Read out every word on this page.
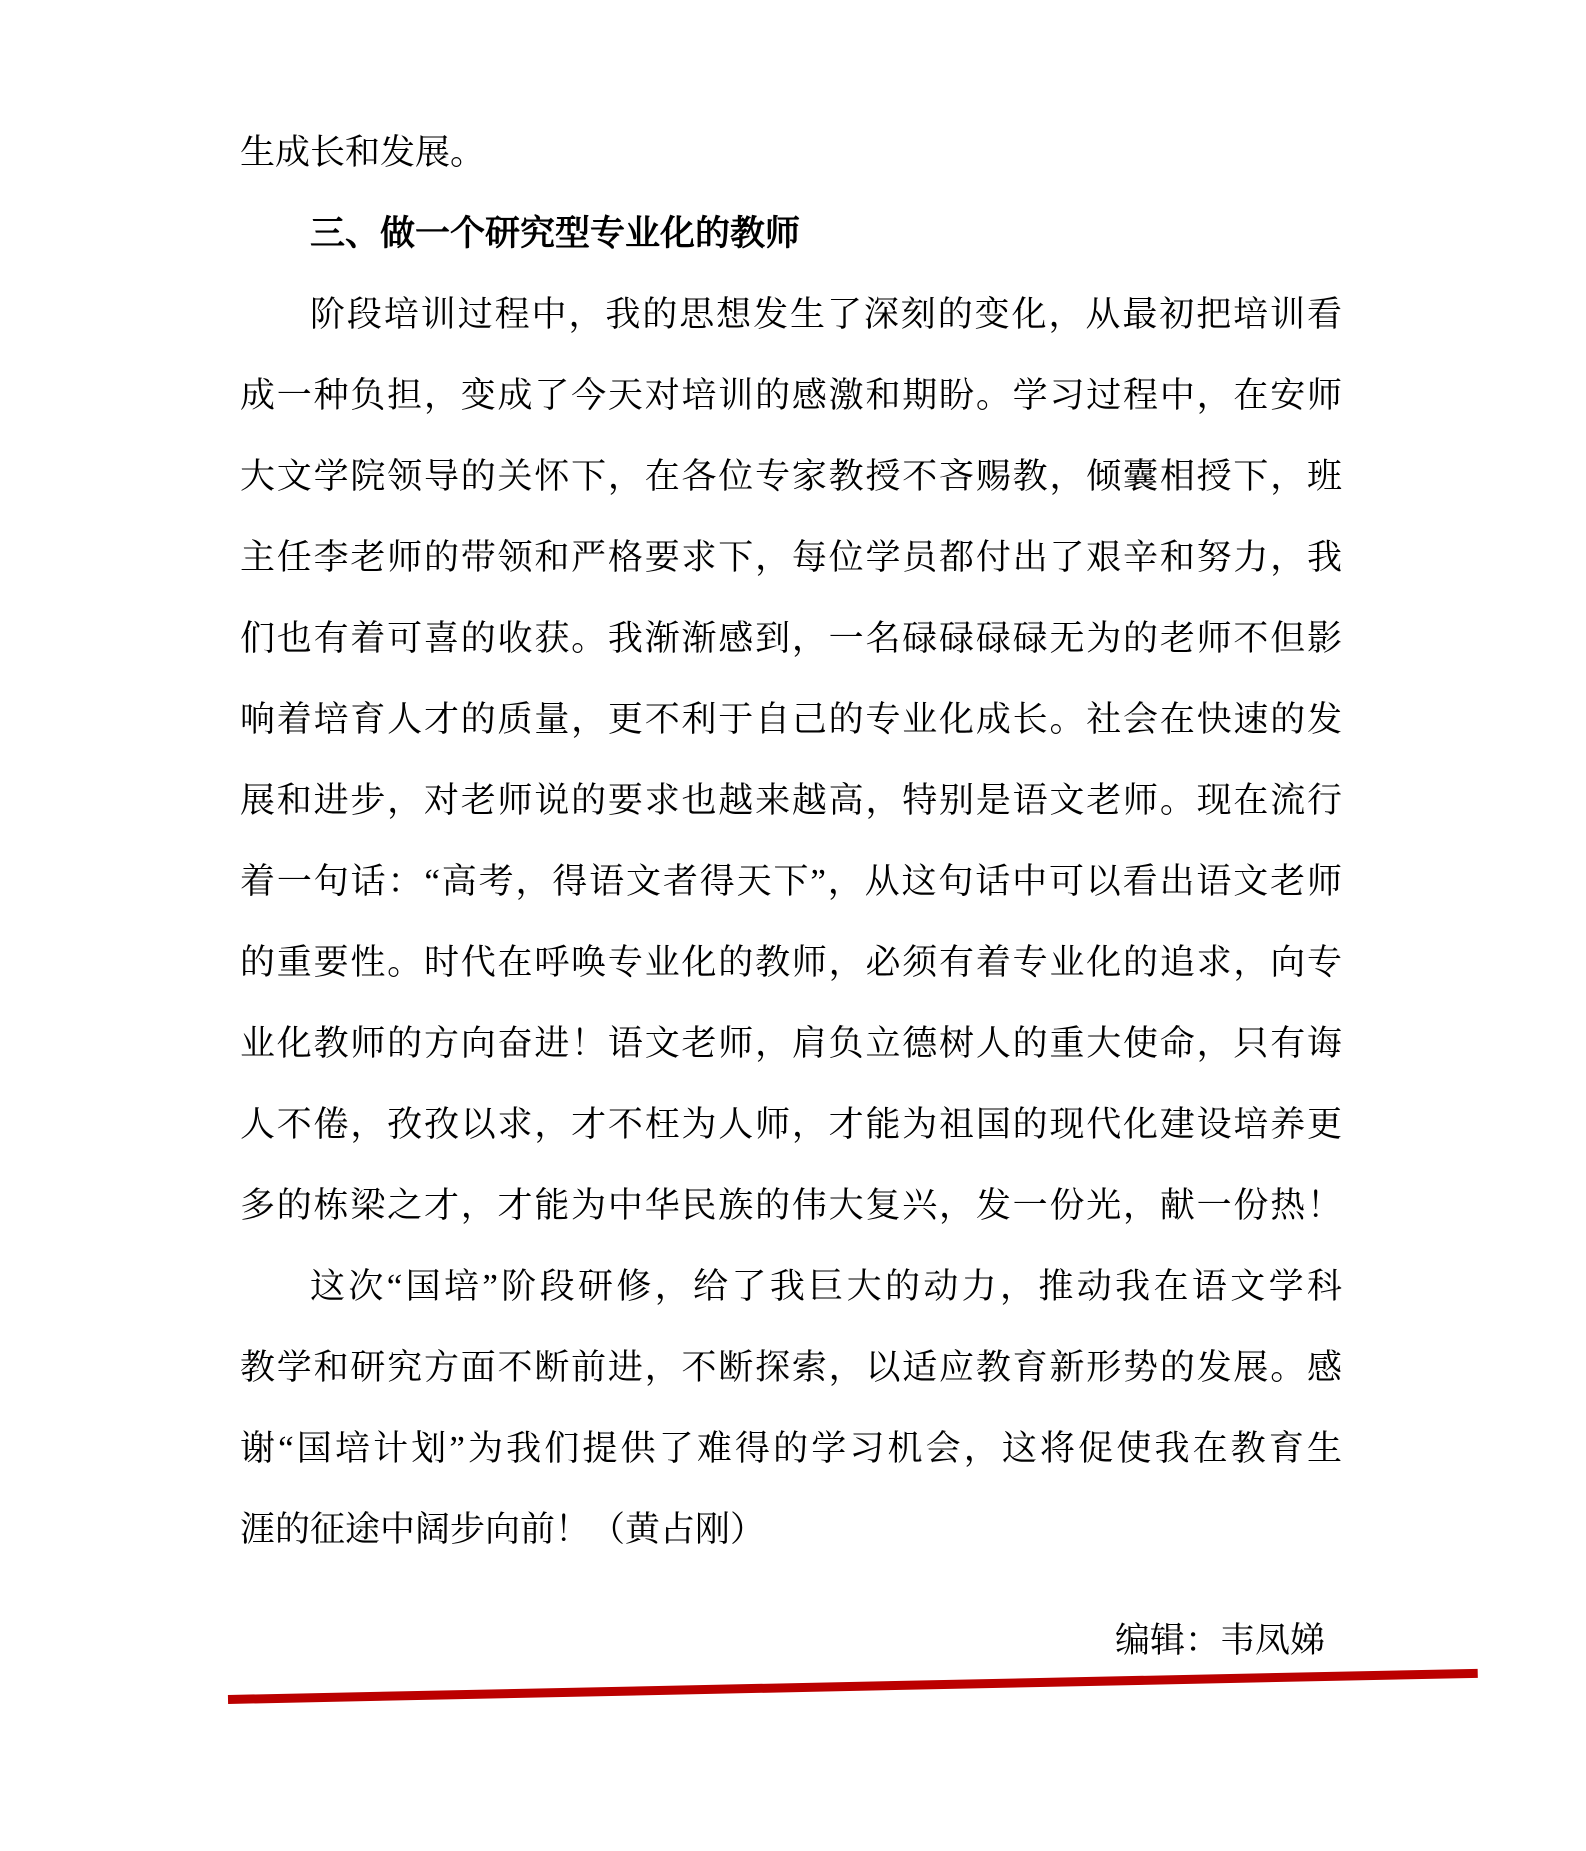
生成长和发展。
三、做一个研究型专业化的教师
阶段培训过程中，我的思想发生了深刻的变化，从最初把培训看
成一种负担，变成了今天对培训的感激和期盼。学习过程中，在安师
大文学院领导的关怀下，在各位专家教授不吝赐教，倾囊相授下，班
主任李老师的带领和严格要求下，每位学员都付出了艰辛和努力，我
们也有着可喜的收获。我渐渐感到，一名碌碌碌碌无为的老师不但影
响着培育人才的质量，更不利于自己的专业化成长。社会在快速的发
展和进步，对老师说的要求也越来越高，特别是语文老师。现在流行
着一句话：“高考，得语文者得天下”，从这句话中可以看出语文老师
的重要性。时代在呼唤专业化的教师，必须有着专业化的追求，向专
业化教师的方向奋进！语文老师，肩负立德树人的重大使命，只有诲
人不倦，孜孜以求，才不枉为人师，才能为祖国的现代化建设培养更
多的栋梁之才，才能为中华民族的伟大复兴，发一份光，献一份热！
这次“国培”阶段研修，给了我巨大的动力，推动我在语文学科
教学和研究方面不断前进，不断探索，以适应教育新形势的发展。感
谢“国培计划”为我们提供了难得的学习机会，这将促使我在教育生
涯的征途中阔步向前！（黄占刚）
编辑：韦凤娣
